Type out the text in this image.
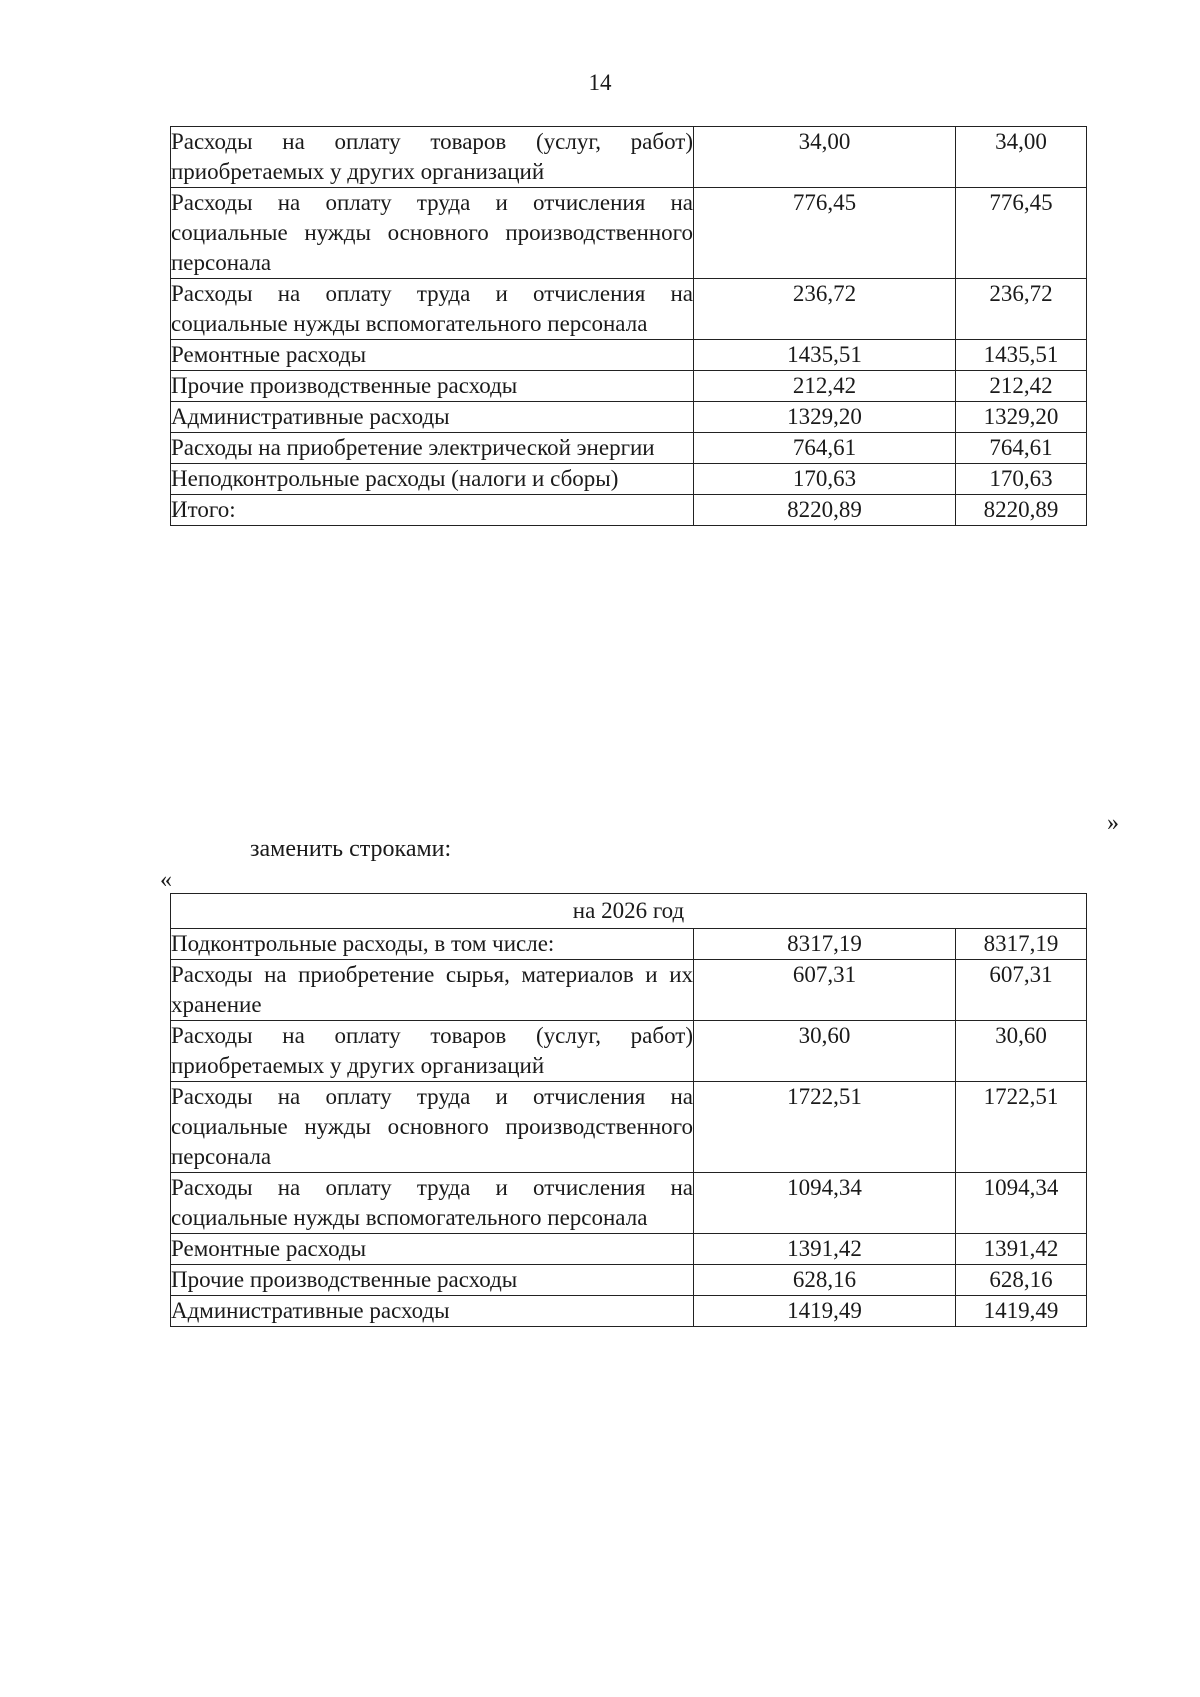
14
Расходы на оплату товаров (услуг, работ) приобретаемых у других организаций	34,00	34,00
Расходы на оплату труда и отчисления на социальные нужды основного производственного персонала	776,45	776,45
Расходы на оплату труда и отчисления на социальные нужды вспомогательного персонала	236,72	236,72
Ремонтные расходы	1435,51	1435,51
Прочие производственные расходы	212,42	212,42
Административные расходы	1329,20	1329,20
Расходы на приобретение электрической энергии	764,61	764,61
Неподконтрольные расходы (налоги и сборы)	170,63	170,63
Итого:	8220,89	8220,89
»
заменить строками:
«
на 2026 год		
Подконтрольные расходы, в том числе:	8317,19	8317,19
Расходы на приобретение сырья, материалов и их хранение	607,31	607,31
Расходы на оплату товаров (услуг, работ) приобретаемых у других организаций	30,60	30,60
Расходы на оплату труда и отчисления на социальные нужды основного производственного персонала	1722,51	1722,51
Расходы на оплату труда и отчисления на социальные нужды вспомогательного персонала	1094,34	1094,34
Ремонтные расходы	1391,42	1391,42
Прочие производственные расходы	628,16	628,16
Административные расходы	1419,49	1419,49
